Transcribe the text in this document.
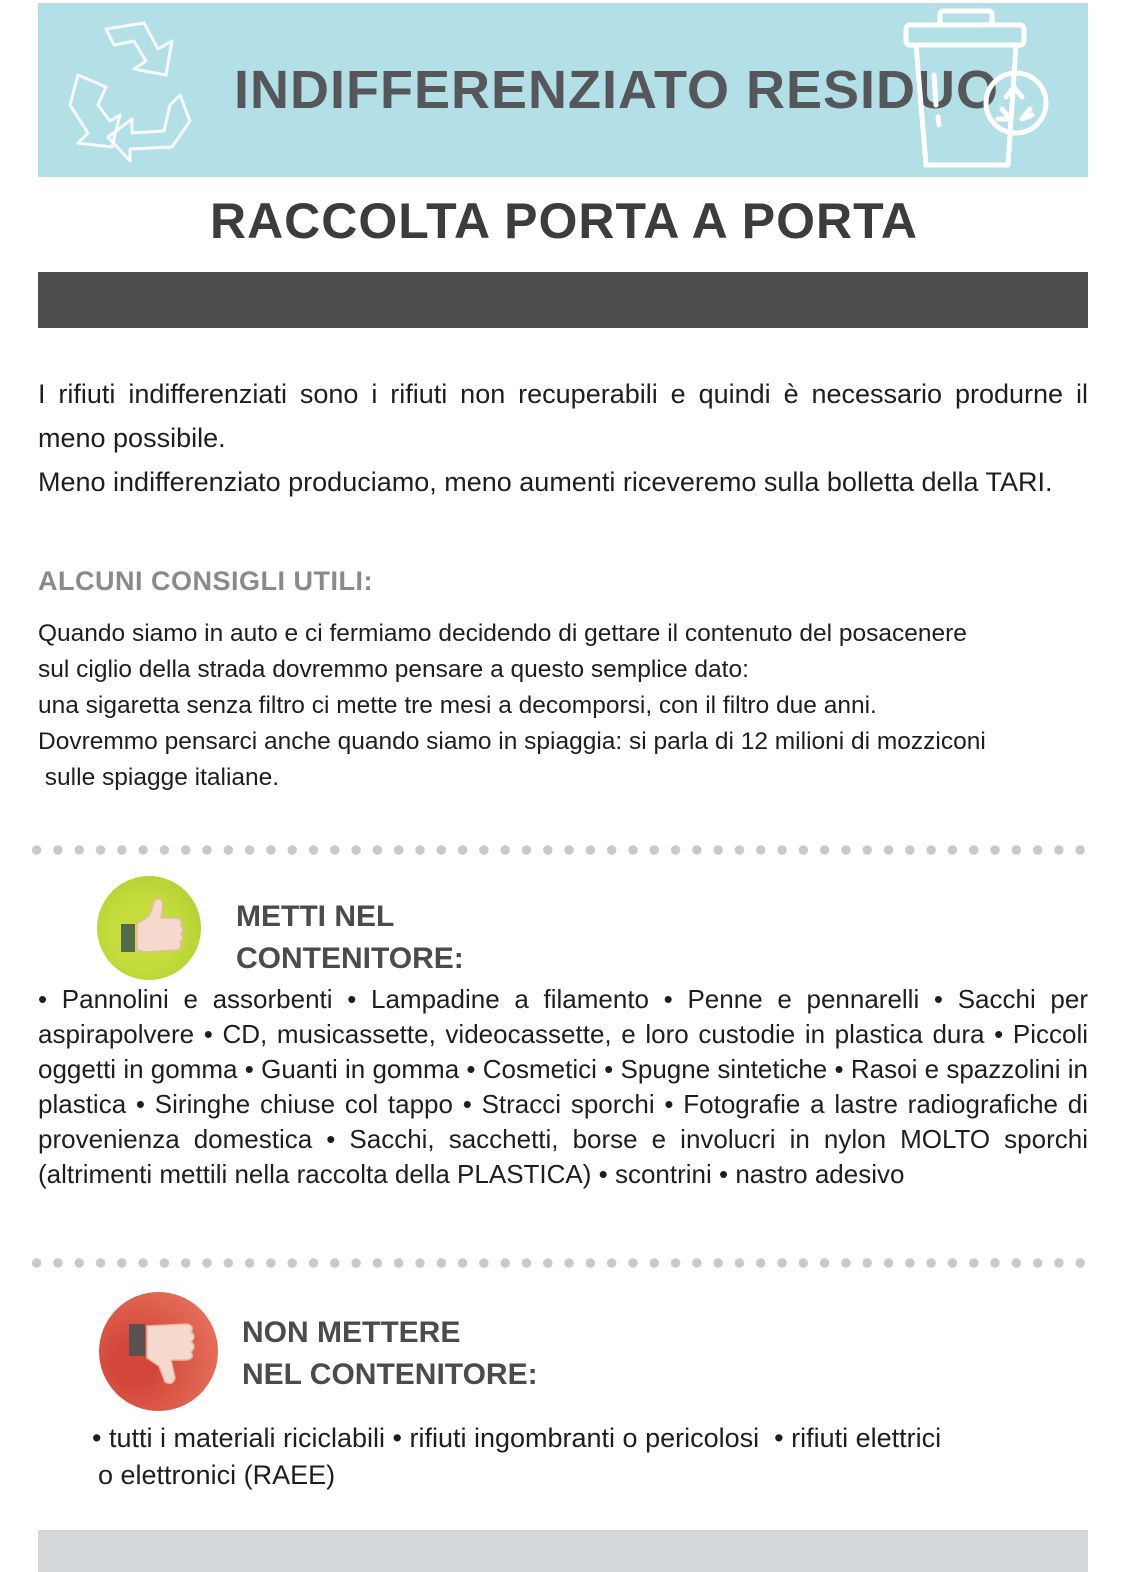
INDIFFERENZIATO RESIDUO
RACCOLTA PORTA A PORTA

I rifiuti indifferenziati sono i rifiuti non recuperabili e quindi è necessario produrne il meno possibile.

Meno indifferenziato produciamo, meno aumenti riceveremo sulla bolletta della TARI.

ALCUNI CONSIGLI UTILI:
Quando siamo in auto e ci fermiamo decidendo di gettare il contenuto del posacenere
sul ciglio della strada dovremmo pensare a questo semplice dato:
una sigaretta senza filtro ci mette tre mesi a decomporsi, con il filtro due anni.
Dovremmo pensarci anche quando siamo in spiaggia: si parla di 12 milioni di mozziconi
sulle spiagge italiane.
METTI NEL
CONTENITORE:

• Pannolini e assorbenti • Lampadine a filamento • Penne e pennarelli • Sacchi per aspirapolvere • CD, musicassette, videocassette, e loro custodie in plastica dura • Piccoli oggetti in gomma • Guanti in gomma • Cosmetici • Spugne sintetiche • Rasoi e spazzolini in plastica • Siringhe chiuse col tappo • Stracci sporchi • Fotografie a lastre radiografiche di provenienza domestica • Sacchi, sacchetti, borse e involucri in nylon MOLTO sporchi (altrimenti mettili nella raccolta della PLASTICA) • scontrini • nastro adesivo

NON METTERE
NEL CONTENITORE:
• tutti i materiali riciclabili • rifiuti ingombranti o pericolosi  • rifiuti elettrici
o elettronici (RAEE)
